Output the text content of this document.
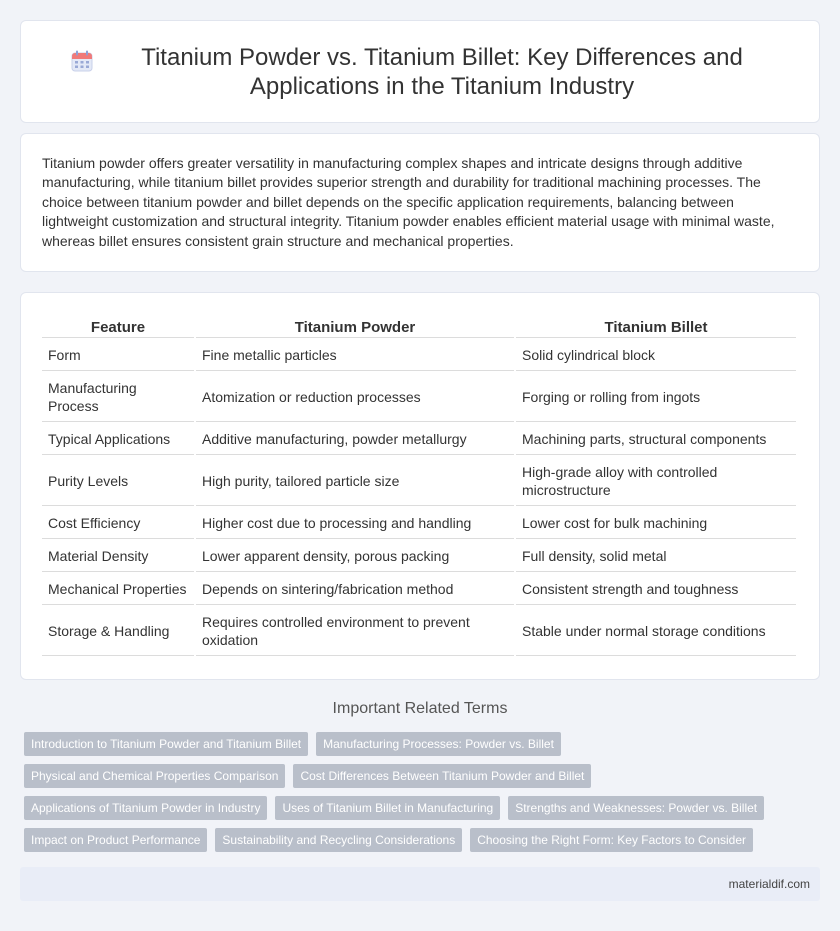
Titanium Powder vs. Titanium Billet: Key Differences and Applications in the Titanium Industry

Titanium powder offers greater versatility in manufacturing complex shapes and intricate designs through additive manufacturing, while titanium billet provides superior strength and durability for traditional machining processes. The choice between titanium powder and billet depends on the specific application requirements, balancing between lightweight customization and structural integrity. Titanium powder enables efficient material usage with minimal waste, whereas billet ensures consistent grain structure and mechanical properties.

Feature	Titanium Powder	Titanium Billet
Form	Fine metallic particles	Solid cylindrical block
Manufacturing Process	Atomization or reduction processes	Forging or rolling from ingots
Typical Applications	Additive manufacturing, powder metallurgy	Machining parts, structural components
Purity Levels	High purity, tailored particle size	High-grade alloy with controlled microstructure
Cost Efficiency	Higher cost due to processing and handling	Lower cost for bulk machining
Material Density	Lower apparent density, porous packing	Full density, solid metal
Mechanical Properties	Depends on sintering/fabrication method	Consistent strength and toughness
Storage & Handling	Requires controlled environment to prevent oxidation	Stable under normal storage conditions
Important Related Terms
Introduction to Titanium Powder and Titanium Billet	Manufacturing Processes: Powder vs. Billet
Physical and Chemical Properties Comparison	Cost Differences Between Titanium Powder and Billet
Applications of Titanium Powder in Industry	Uses of Titanium Billet in Manufacturing	Strengths and Weaknesses: Powder vs. Billet
Impact on Product Performance	Sustainability and Recycling Considerations	Choosing the Right Form: Key Factors to Consider
materialdif.com
